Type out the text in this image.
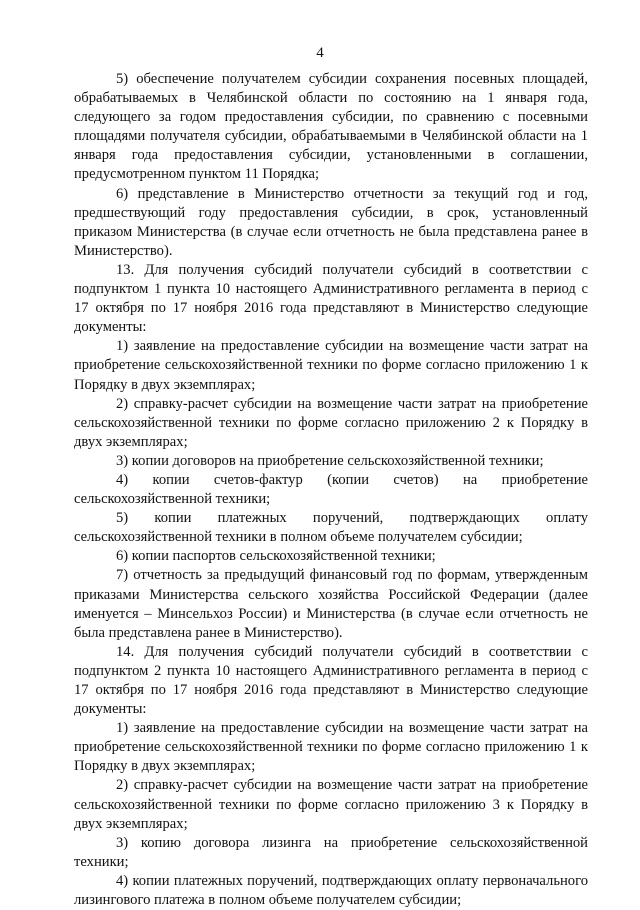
4

5) обеспечение получателем субсидии сохранения посевных площадей, обрабатываемых в Челябинской области по состоянию на 1 января года, следующего за годом предоставления субсидии, по сравнению с посевными площадями получателя субсидии, обрабатываемыми в Челябинской области на 1 января года предоставления субсидии, установленными в соглашении, предусмотренном пунктом 11 Порядка;

6) представление в Министерство отчетности за текущий год и год, предшествующий году предоставления субсидии, в срок, установленный приказом Министерства (в случае если отчетность не была представлена ранее в Министерство).

13. Для получения субсидий получатели субсидий в соответствии с подпунктом 1 пункта 10 настоящего Административного регламента в период с 17 октября по 17 ноября 2016 года представляют в Министерство следующие документы:

1) заявление на предоставление субсидии на возмещение части затрат на приобретение сельскохозяйственной техники по форме согласно приложению 1 к Порядку в двух экземплярах;

2) справку-расчет субсидии на возмещение части затрат на приобретение сельскохозяйственной техники по форме согласно приложению 2 к Порядку в двух экземплярах;

3) копии договоров на приобретение сельскохозяйственной техники;

4) копии счетов-фактур (копии счетов) на приобретение сельскохозяйственной техники;

5) копии платежных поручений, подтверждающих оплату сельскохозяйственной техники в полном объеме получателем субсидии;

6) копии паспортов сельскохозяйственной техники;

7) отчетность за предыдущий финансовый год по формам, утвержденным приказами Министерства сельского хозяйства Российской Федерации (далее именуется – Минсельхоз России) и Министерства (в случае если отчетность не была представлена ранее в Министерство).

14. Для получения субсидий получатели субсидий в соответствии с подпунктом 2 пункта 10 настоящего Административного регламента в период с 17 октября по 17 ноября 2016 года представляют в Министерство следующие документы:

1) заявление на предоставление субсидии на возмещение части затрат на приобретение сельскохозяйственной техники по форме согласно приложению 1 к Порядку в двух экземплярах;

2) справку-расчет субсидии на возмещение части затрат на приобретение сельскохозяйственной техники по форме согласно приложению 3 к Порядку в двух экземплярах;

3) копию договора лизинга на приобретение сельскохозяйственной техники;

4) копии платежных поручений, подтверждающих оплату первоначального лизингового платежа в полном объеме получателем субсидии;
